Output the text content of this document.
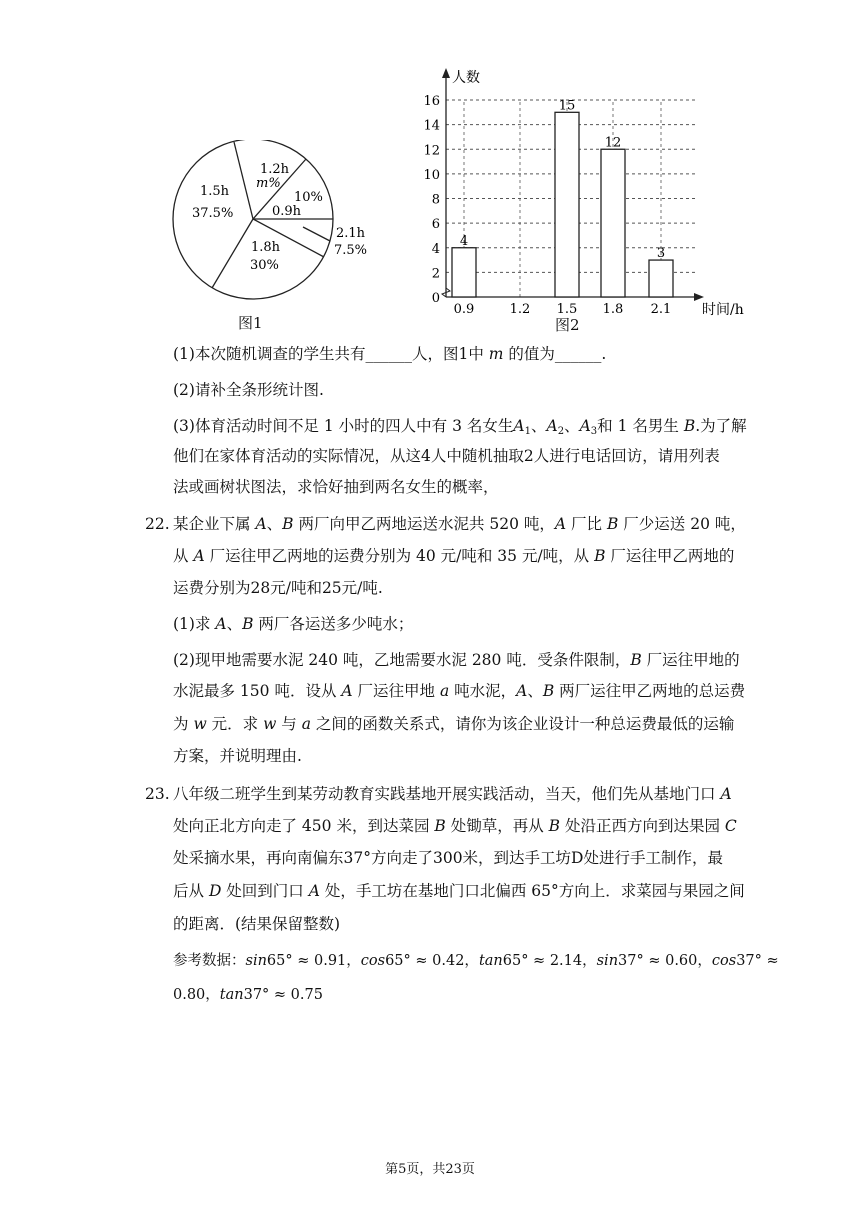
1.2h
m%
1.5h
37.5%
10%
0.9h
1.8h
30%
2.1h
7.5%
图1
人数
时间/h
0
2
4
6
8
10
12
14
16
4
0.9	1.2
15
1.5
12
1.8
3
2.1
图2
(1)本次随机调查的学生共有______人，图1中 m 的值为______.
(2)请补全条形统计图.
(3)体育活动时间不足 1 小时的四人中有 3 名女生$A_1$、$A_2$、$A_3$和 1 名男生 B.为了解
他们在家体育活动的实际情况，从这4人中随机抽取2人进行电话回访，请用列表
法或画树状图法，求恰好抽到两名女生的概率，
22. 某企业下属 A、B 两厂向甲乙两地运送水泥共 520 吨，A 厂比 B 厂少运送 20 吨，
从 A 厂运往甲乙两地的运费分别为 40 元/吨和 35 元/吨，从 B 厂运往甲乙两地的
运费分别为28元/吨和25元/吨.
(1)求 A、B 两厂各运送多少吨水；
(2)现甲地需要水泥 240 吨，乙地需要水泥 280 吨．受条件限制，B 厂运往甲地的
水泥最多 150 吨．设从 A 厂运往甲地 a 吨水泥，A、B 两厂运往甲乙两地的总运费
为 w 元．求 w 与 a 之间的函数关系式，请你为该企业设计一种总运费最低的运输
方案，并说明理由.
23. 八年级二班学生到某劳动教育实践基地开展实践活动，当天，他们先从基地门口 A
处向正北方向走了 450 米，到达菜园 B 处锄草，再从 B 处沿正西方向到达果园 C
处采摘水果，再向南偏东37°方向走了300米，到达手工坊D处进行手工制作，最
后从 D 处回到门口 A 处，手工坊在基地门口北偏西 65°方向上．求菜园与果园之间
的距离．(结果保留整数)
参考数据：sin65° ≈ 0.91，cos65° ≈ 0.42，tan65° ≈ 2.14，sin37° ≈ 0.60，cos37° ≈
0.80，tan37° ≈ 0.75
第5页，共23页
